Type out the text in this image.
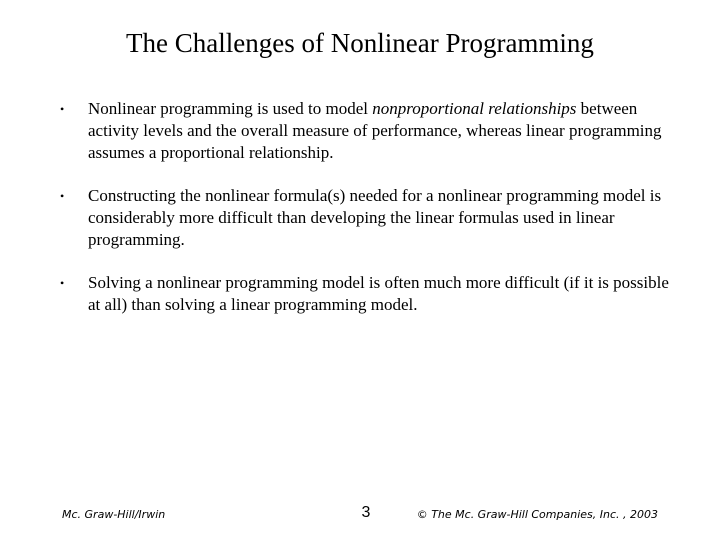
The Challenges of Nonlinear Programming
• Nonlinear programming is used to model nonproportional relationships between activity levels and the overall measure of performance, whereas linear programming assumes a proportional relationship.
• Constructing the nonlinear formula(s) needed for a nonlinear programming model is considerably more difficult than developing the linear formulas used in linear programming.
• Solving a nonlinear programming model is often much more difficult (if it is possible at all) than solving a linear programming model.
Mc. Graw-Hill/Irwin	3	© The Mc. Graw-Hill Companies, Inc. , 2003
